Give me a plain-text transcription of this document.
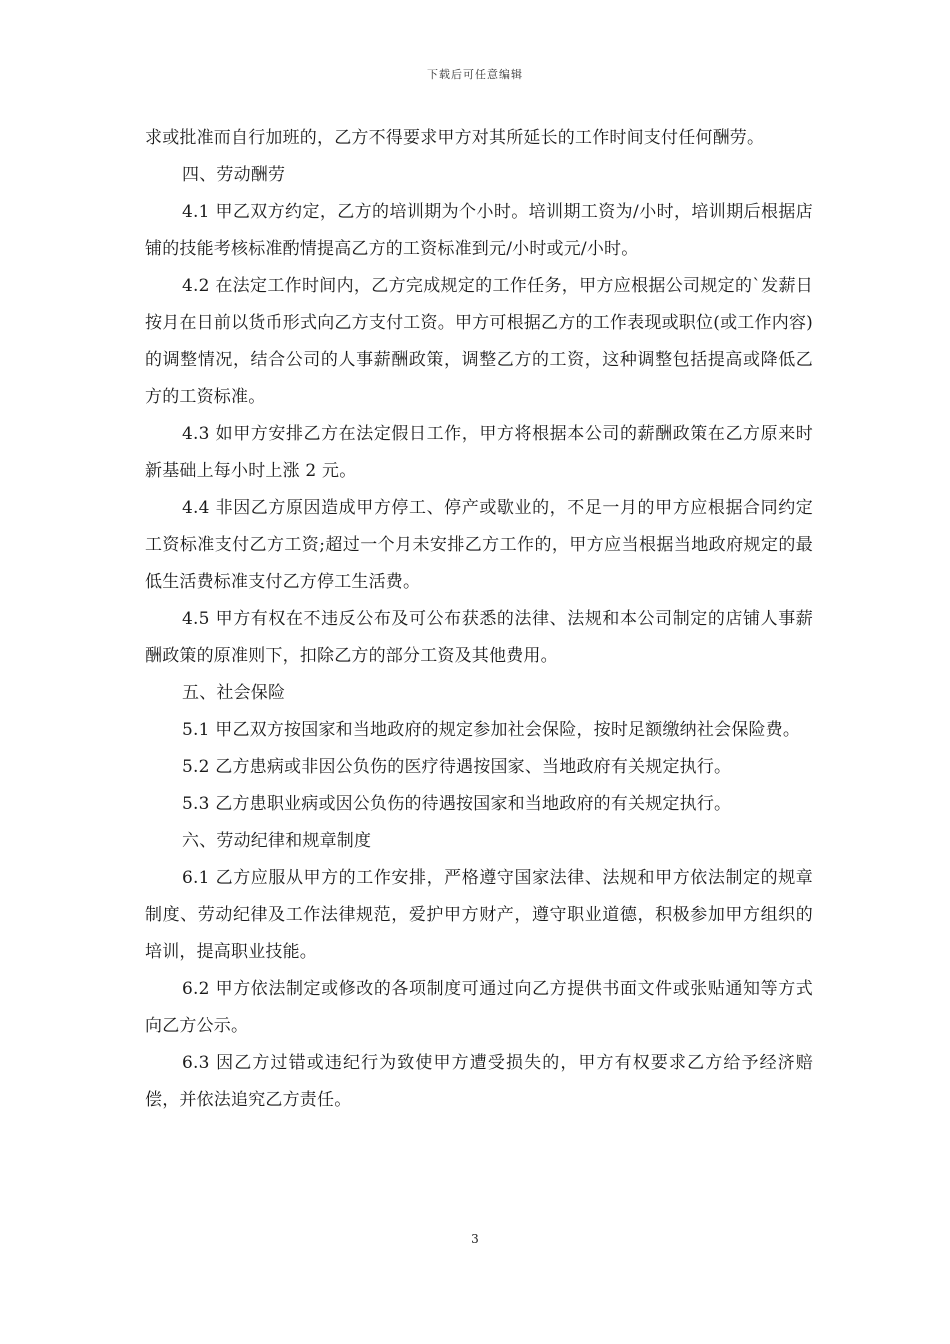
下载后可任意编辑

求或批准而自行加班的，乙方不得要求甲方对其所延长的工作时间支付任何酬劳。

四、劳动酬劳

4.1 甲乙双方约定，乙方的培训期为个小时。培训期工资为/小时，培训期后根据店铺的技能考核标准酌情提高乙方的工资标准到元/小时或元/小时。

4.2 在法定工作时间内，乙方完成规定的工作任务，甲方应根据公司规定的`发薪日按月在日前以货币形式向乙方支付工资。甲方可根据乙方的工作表现或职位(或工作内容)的调整情况，结合公司的人事薪酬政策，调整乙方的工资，这种调整包括提高或降低乙方的工资标准。

4.3 如甲方安排乙方在法定假日工作，甲方将根据本公司的薪酬政策在乙方原来时新基础上每小时上涨 2 元。

4.4 非因乙方原因造成甲方停工、停产或歇业的，不足一月的甲方应根据合同约定工资标准支付乙方工资;超过一个月未安排乙方工作的，甲方应当根据当地政府规定的最低生活费标准支付乙方停工生活费。

4.5 甲方有权在不违反公布及可公布获悉的法律、法规和本公司制定的店铺人事薪酬政策的原准则下，扣除乙方的部分工资及其他费用。

五、社会保险

5.1 甲乙双方按国家和当地政府的规定参加社会保险，按时足额缴纳社会保险费。

5.2 乙方患病或非因公负伤的医疗待遇按国家、当地政府有关规定执行。

5.3 乙方患职业病或因公负伤的待遇按国家和当地政府的有关规定执行。

六、劳动纪律和规章制度

6.1 乙方应服从甲方的工作安排，严格遵守国家法律、法规和甲方依法制定的规章制度、劳动纪律及工作法律规范，爱护甲方财产，遵守职业道德，积极参加甲方组织的培训，提高职业技能。

6.2 甲方依法制定或修改的各项制度可通过向乙方提供书面文件或张贴通知等方式向乙方公示。

6.3 因乙方过错或违纪行为致使甲方遭受损失的，甲方有权要求乙方给予经济赔偿，并依法追究乙方责任。

3
